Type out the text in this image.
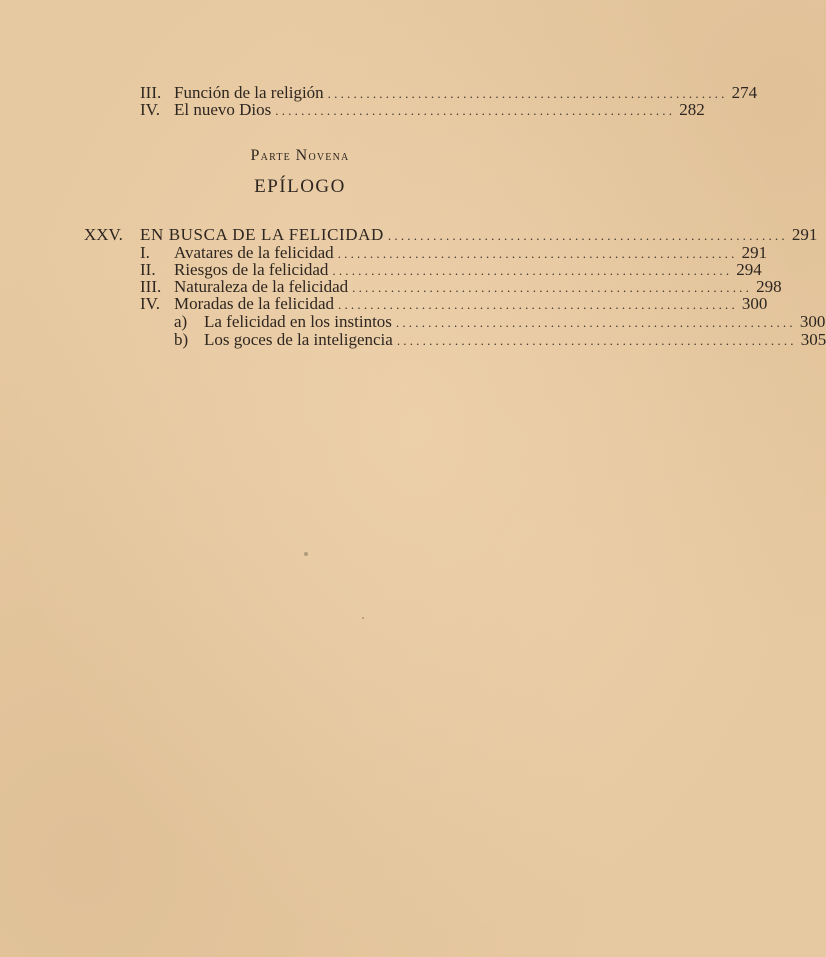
III. Función de la religión .............................................................. 274
IV. El nuevo Dios .............................................................. 282
Parte Novena
EPÍLOGO
XXV.	EN BUSCA DE LA FELICIDAD .............................................................. 291
I.	Avatares de la felicidad .............................................................. 291
II.	Riesgos de la felicidad .............................................................. 294
III. Naturaleza de la felicidad .............................................................. 298
IV. Moradas de la felicidad .............................................................. 300
a) La felicidad en los instintos .............................................................. 300
b) Los goces de la inteligencia .............................................................. 305
